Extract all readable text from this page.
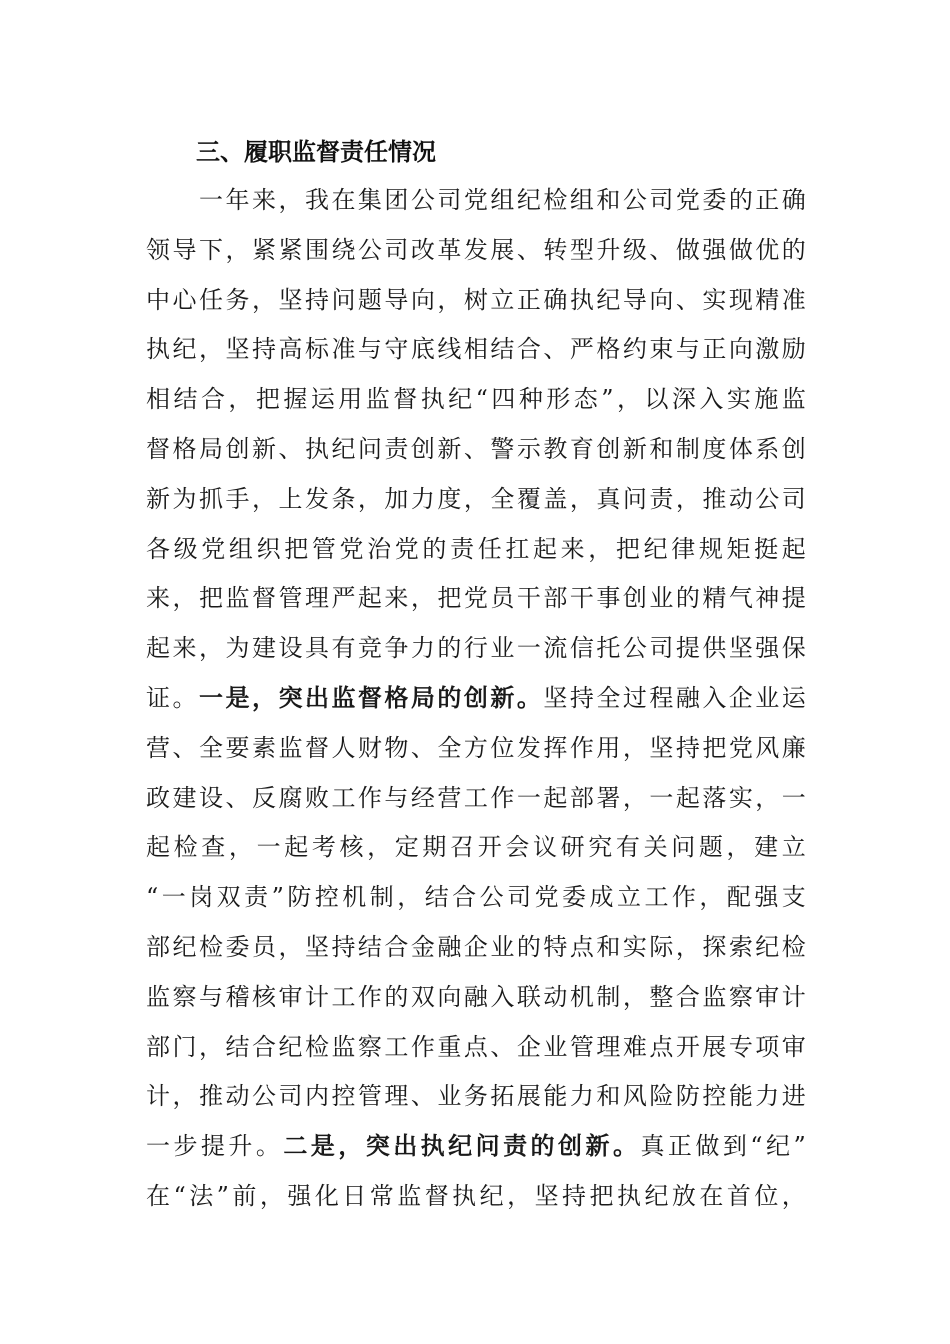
三、履职监督责任情况
　　一年来，我在集团公司党组纪检组和公司党委的正确
领导下，紧紧围绕公司改革发展、转型升级、做强做优的
中心任务，坚持问题导向，树立正确执纪导向、实现精准
执纪，坚持高标准与守底线相结合、严格约束与正向激励
相结合，把握运用监督执纪“四种形态”，以深入实施监
督格局创新、执纪问责创新、警示教育创新和制度体系创
新为抓手，上发条，加力度，全覆盖，真问责，推动公司
各级党组织把管党治党的责任扛起来，把纪律规矩挺起
来，把监督管理严起来，把党员干部干事创业的精气神提
起来，为建设具有竞争力的行业一流信托公司提供坚强保
证。一是，突出监督格局的创新。坚持全过程融入企业运
营、全要素监督人财物、全方位发挥作用，坚持把党风廉
政建设、反腐败工作与经营工作一起部署，一起落实，一
起检查，一起考核，定期召开会议研究有关问题，建立
“一岗双责”防控机制，结合公司党委成立工作，配强支
部纪检委员，坚持结合金融企业的特点和实际，探索纪检
监察与稽核审计工作的双向融入联动机制，整合监察审计
部门，结合纪检监察工作重点、企业管理难点开展专项审
计，推动公司内控管理、业务拓展能力和风险防控能力进
一步提升。二是，突出执纪问责的创新。真正做到“纪”
在“法”前，强化日常监督执纪，坚持把执纪放在首位，
